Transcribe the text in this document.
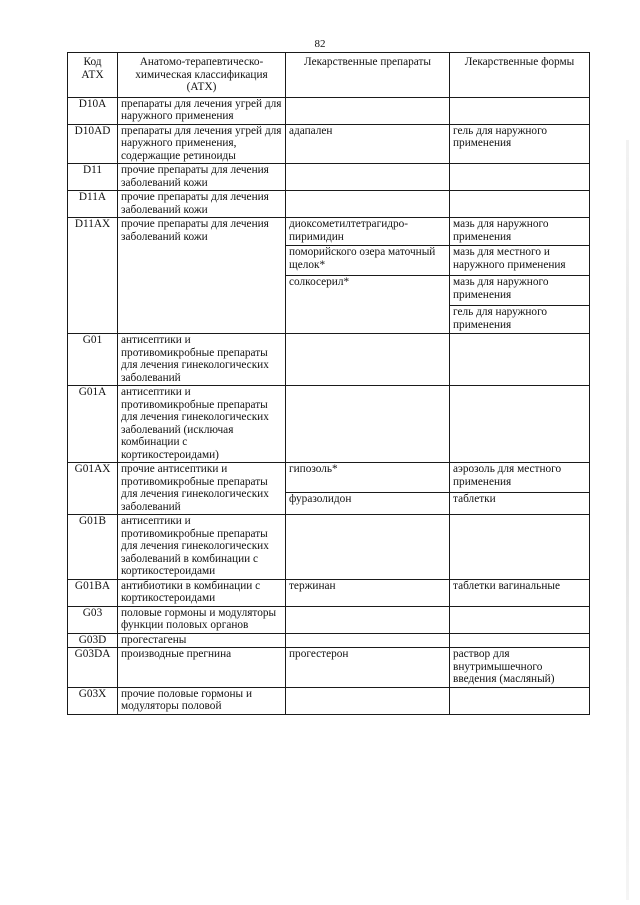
82
Код АТХ	Анатомо-терапевтическо-химическая классификация (АТХ)	Лекарственные препараты	Лекарственные формы
D10A	препараты для лечения угрей для наружного применения		
D10AD	препараты для лечения угрей для наружного применения, содержащие ретиноиды	адапален	гель для наружного применения
D11	прочие препараты для лечения заболеваний кожи		
D11A	прочие препараты для лечения заболеваний кожи		
D11AX	прочие препараты для лечения заболеваний кожи	диоксометилтетрагидро-пиримидин	мазь для наружного применения
		поморийского озера маточный щелок*	мазь для местного и наружного применения
		солкосерил*	мазь для наружного применения
			гель для наружного применения
G01	антисептики и противомикробные препараты для лечения гинекологических заболеваний		
G01A	антисептики и противомикробные препараты для лечения гинекологических заболеваний (исключая комбинации с кортикостероидами)		
G01AX	прочие антисептики и противомикробные препараты для лечения гинекологических заболеваний	гипозоль*	аэрозоль для местного применения
		фуразолидон	таблетки
G01B	антисептики и противомикробные препараты для лечения гинекологических заболеваний в комбинации с кортикостероидами		
G01BA	антибиотики в комбинации с кортикостероидами	тержинан	таблетки вагинальные
G03	половые гормоны и модуляторы функции половых органов		
G03D	прогестагены		
G03DA	производные прегнина	прогестерон	раствор для внутримышечного введения (масляный)
G03X	прочие половые гормоны и модуляторы половой		
